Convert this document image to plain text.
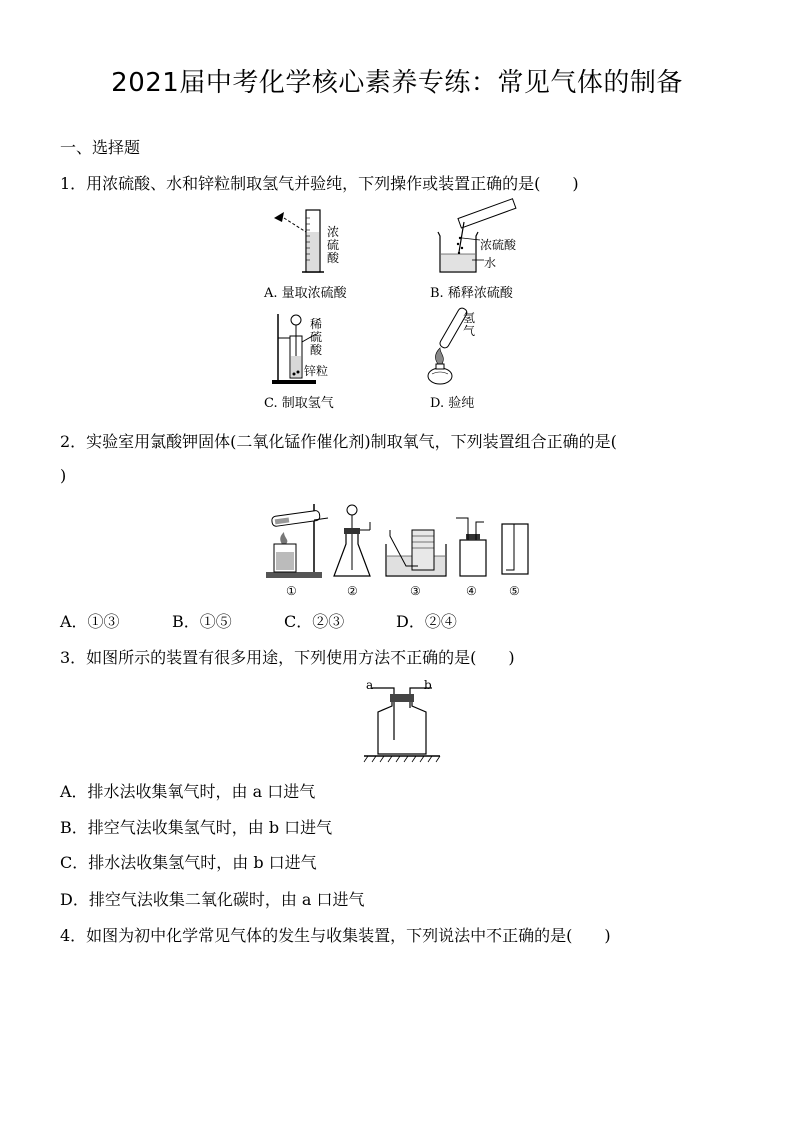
2021届中考化学核心素养专练：常见气体的制备
一、选择题
1．用浓硫酸、水和锌粒制取氢气并验纯，下列操作或装置正确的是(　　)
浓硫酸
A. 量取浓硫酸
浓硫酸
水
B. 稀释浓硫酸
稀硫酸
锌粒
C. 制取氢气
氢气
D. 验纯
2．实验室用氯酸钾固体(二氧化锰作催化剂)制取氧气，下列装置组合正确的是(
)
①	②	③	④	⑤
A．①③	B．①⑤	C．②③	D．②④
3．如图所示的装置有很多用途，下列使用方法不正确的是(　　)
a	b
A．排水法收集氧气时，由 a 口进气
B．排空气法收集氢气时，由 b 口进气
C．排水法收集氢气时，由 b 口进气
D．排空气法收集二氧化碳时，由 a 口进气
4．如图为初中化学常见气体的发生与收集装置，下列说法中不正确的是(　　)
